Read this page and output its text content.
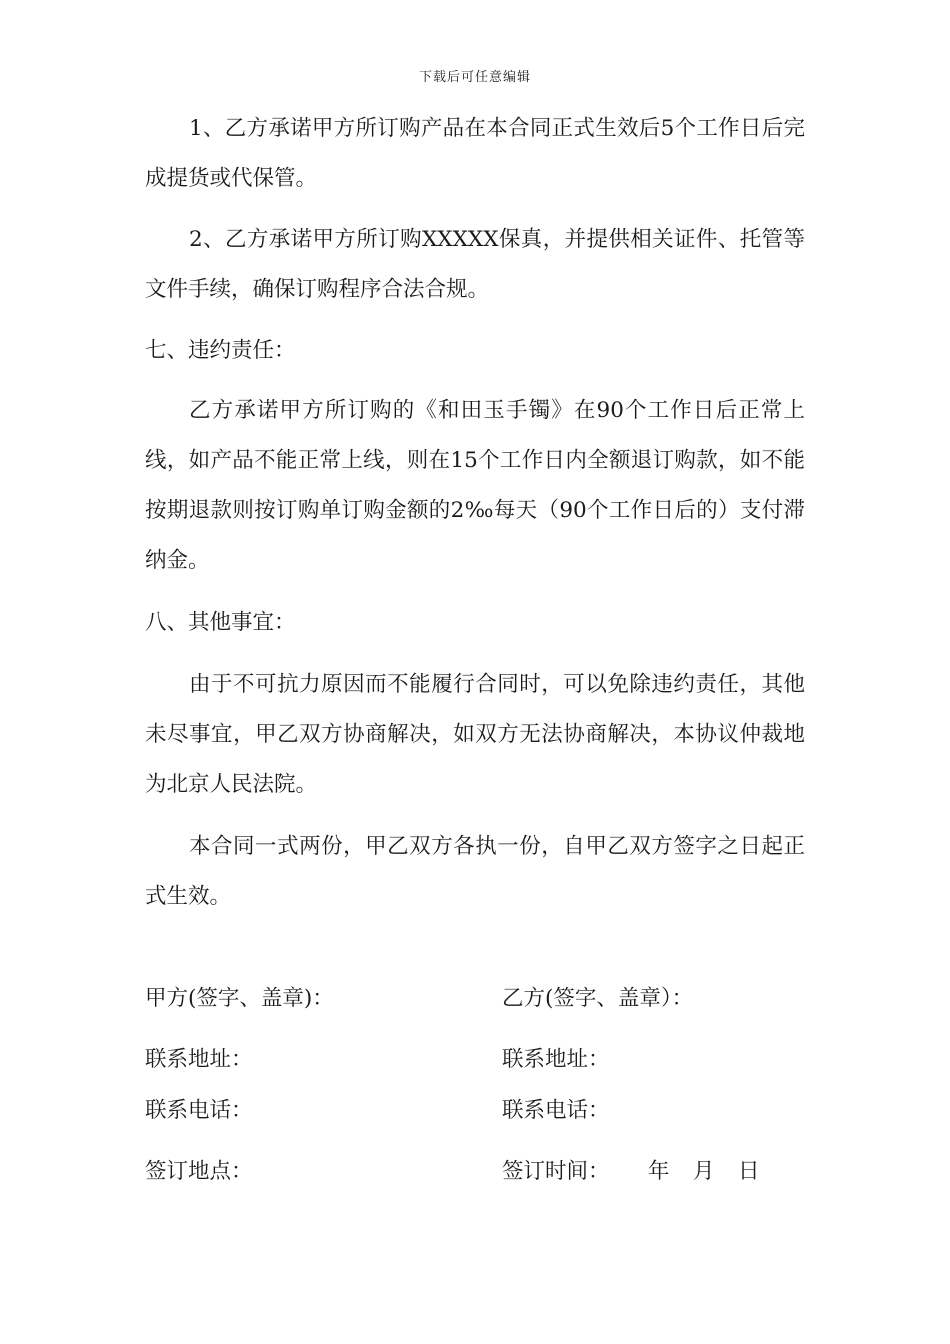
下载后可任意编辑

1、乙方承诺甲方所订购产品在本合同正式生效后5个工作日后完成提货或代保管。

2、乙方承诺甲方所订购XXXXX保真，并提供相关证件、托管等文件手续，确保订购程序合法合规。

七、违约责任：

乙方承诺甲方所订购的《和田玉手镯》在90个工作日后正常上线，如产品不能正常上线，则在15个工作日内全额退订购款，如不能按期退款则按订购单订购金额的2‰每天（90个工作日后的）支付滞纳金。

八、其他事宜：

由于不可抗力原因而不能履行合同时，可以免除违约责任，其他未尽事宜，甲乙双方协商解决，如双方无法协商解决，本协议仲裁地为北京人民法院。

本合同一式两份，甲乙双方各执一份，自甲乙双方签字之日起正式生效。

甲方(签字、盖章)：
联系地址：
联系电话：
签订地点：
乙方(签字、盖章）：
联系地址：
联系电话：
签订时间： 年 月 日
